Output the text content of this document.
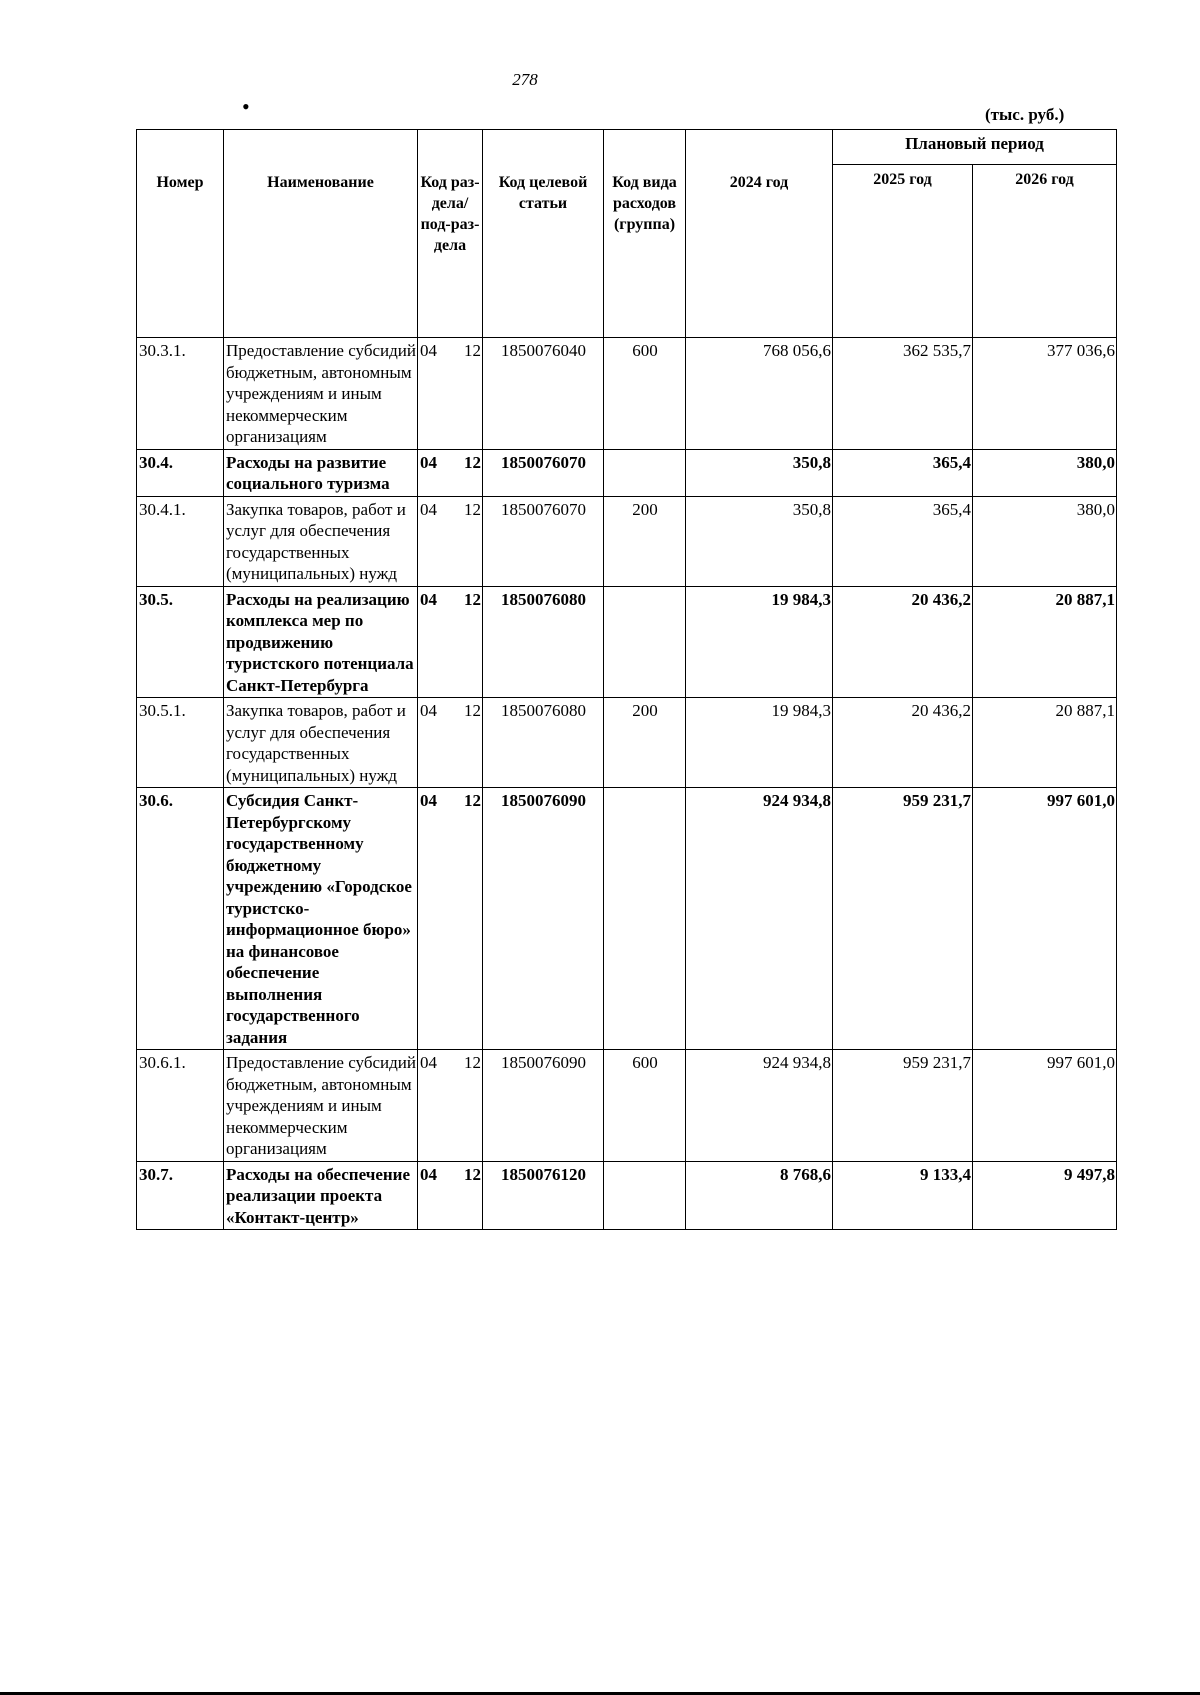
278
•	(тыс. руб.)
Номер	Наименование	Код раз-дела/ под-раз-дела	Код целевой статьи	Код вида расходов (группа)	2024 год	Плановый период	
						2025 год	2026 год
30.3.1.	Предоставление субсидий бюджетным, автономным учреждениям и иным некоммерческим организациям	04 12	1850076040	600	768 056,6	362 535,7	377 036,6
30.4.	Расходы на развитие социального туризма	04 12	1850076070		350,8	365,4	380,0
30.4.1.	Закупка товаров, работ и услуг для обеспечения государственных (муниципальных) нужд	04 12	1850076070	200	350,8	365,4	380,0
30.5.	Расходы на реализацию комплекса мер по продвижению туристского потенциала Санкт-Петербурга	04 12	1850076080		19 984,3	20 436,2	20 887,1
30.5.1.	Закупка товаров, работ и услуг для обеспечения государственных (муниципальных) нужд	04 12	1850076080	200	19 984,3	20 436,2	20 887,1
30.6.	Субсидия Санкт-Петербургскому государственному бюджетному учреждению «Городское туристско-информационное бюро» на финансовое обеспечение выполнения государственного задания	04 12	1850076090		924 934,8	959 231,7	997 601,0
30.6.1.	Предоставление субсидий бюджетным, автономным учреждениям и иным некоммерческим организациям	04 12	1850076090	600	924 934,8	959 231,7	997 601,0
30.7.	Расходы на обеспечение реализации проекта «Контакт-центр»	04 12	1850076120		8 768,6	9 133,4	9 497,8
